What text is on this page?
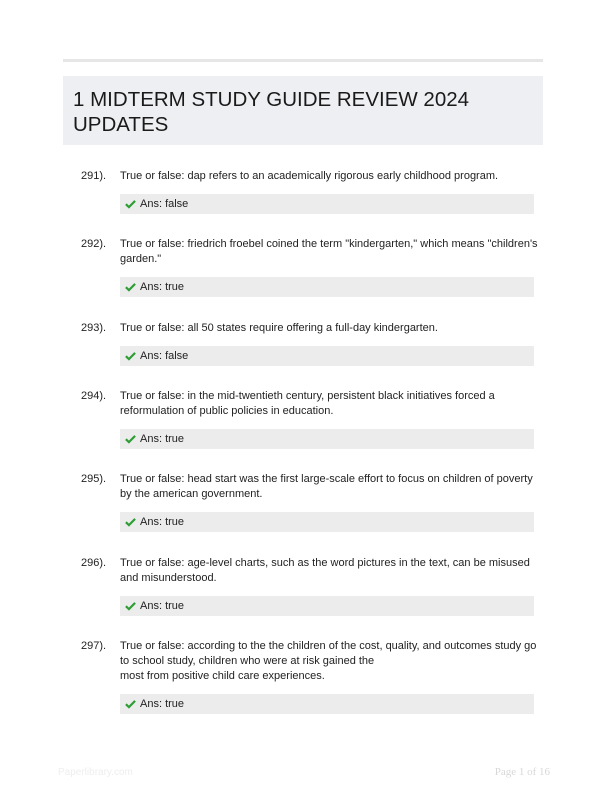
1 MIDTERM STUDY GUIDE REVIEW 2024 UPDATES
291). True or false: dap refers to an academically rigorous early childhood program.
Ans: false
292). True or false: friedrich froebel coined the term "kindergarten," which means "children's garden."
Ans: true
293). True or false: all 50 states require offering a full-day kindergarten.
Ans: false
294). True or false: in the mid-twentieth century, persistent black initiatives forced a reformulation of public policies in education.
Ans: true
295). True or false: head start was the first large-scale effort to focus on children of poverty by the american government.
Ans: true
296). True or false: age-level charts, such as the word pictures in the text, can be misused and misunderstood.
Ans: true
297). True or false: according to the the children of the cost, quality, and outcomes study go to school study, children who were at risk gained the
most from positive child care experiences.
Ans: true
Paperlibrary.com	Page 1 of 16
